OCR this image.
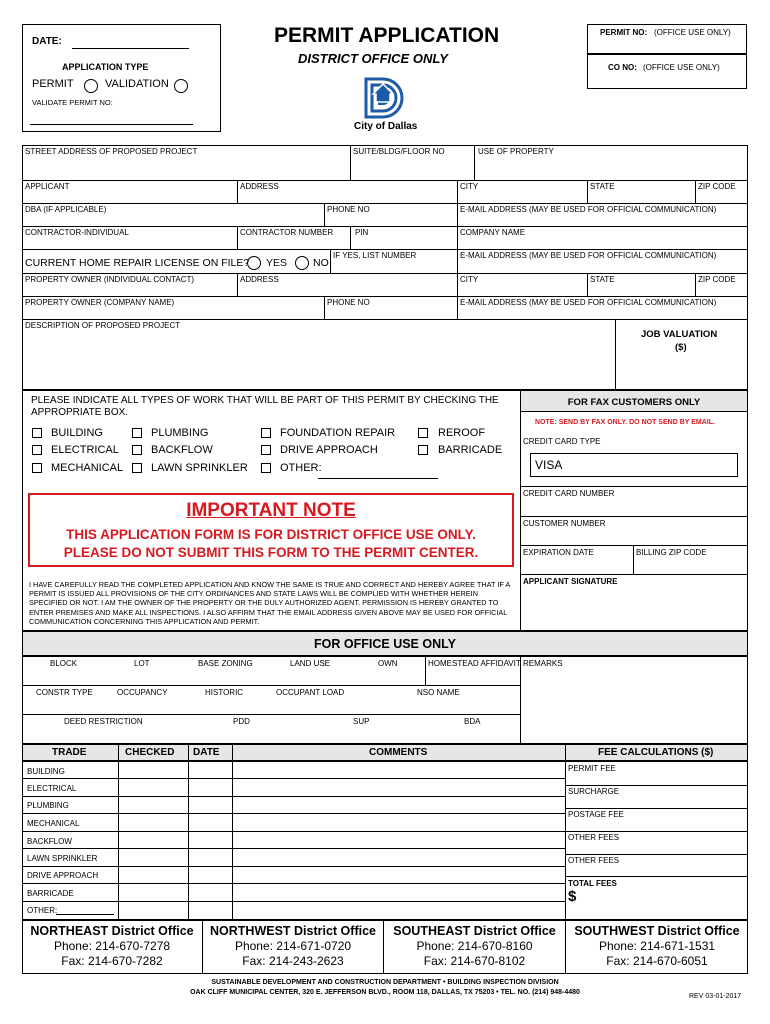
DATE:
APPLICATION TYPE
PERMIT	VALIDATION
VALIDATE PERMIT NO:
PERMIT APPLICATION
DISTRICT OFFICE ONLY
City of Dallas
PERMIT NO: (OFFICE USE ONLY)
CO NO: (OFFICE USE ONLY)
STREET ADDRESS OF PROPOSED PROJECT	SUITE/BLDG/FLOOR NO	USE OF PROPERTY
APPLICANT	ADDRESS	CITY	STATE	ZIP CODE
DBA (IF APPLICABLE)	PHONE NO	E-MAIL ADDRESS (MAY BE USED FOR OFFICIAL COMMUNICATION)
CONTRACTOR-INDIVIDUAL	CONTRACTOR NUMBER	PIN	COMPANY NAME
CURRENT HOME REPAIR LICENSE ON FILE? YES NO
IF YES, LIST NUMBER	E-MAIL ADDRESS (MAY BE USED FOR OFFICIAL COMMUNICATION)
PROPERTY OWNER (INDIVIDUAL CONTACT)	ADDRESS	CITY	STATE	ZIP CODE
PROPERTY OWNER (COMPANY NAME)	PHONE NO	E-MAIL ADDRESS (MAY BE USED FOR OFFICIAL COMMUNICATION)
DESCRIPTION OF PROPOSED PROJECT
JOB VALUATION
($)
PLEASE INDICATE ALL TYPES OF WORK THAT WILL BE PART OF THIS PERMIT BY CHECKING THE APPROPRIATE BOX.
BUILDING	PLUMBING	FOUNDATION REPAIR	REROOF
ELECTRICAL	BACKFLOW	DRIVE APPROACH	BARRICADE
MECHANICAL	LAWN SPRINKLER	OTHER:
IMPORTANT NOTE
THIS APPLICATION FORM IS FOR DISTRICT OFFICE USE ONLY.
PLEASE DO NOT SUBMIT THIS FORM TO THE PERMIT CENTER.
I HAVE CAREFULLY READ THE COMPLETED APPLICATION AND KNOW THE SAME IS TRUE AND CORRECT AND HEREBY AGREE THAT IF A PERMIT IS ISSUED ALL PROVISIONS OF THE CITY ORDINANCES AND STATE LAWS WILL BE COMPLIED WITH WHETHER HEREIN SPECIFIED OR NOT. I AM THE OWNER OF THE PROPERTY OR THE DULY AUTHORIZED AGENT. PERMISSION IS HEREBY GRANTED TO ENTER PREMISES AND MAKE ALL INSPECTIONS. I ALSO AFFIRM THAT THE EMAIL ADDRESS GIVEN ABOVE MAY BE USED FOR OFFICIAL COMMUNICATION CONCERNING THIS APPLICATION AND PERMIT.
FOR FAX CUSTOMERS ONLY
NOTE: SEND BY FAX ONLY. DO NOT SEND BY EMAIL.
CREDIT CARD TYPE
VISA
CREDIT CARD NUMBER
CUSTOMER NUMBER
EXPIRATION DATE	BILLING ZIP CODE
APPLICANT SIGNATURE
FOR OFFICE USE ONLY
BLOCK	LOT	BASE ZONING	LAND USE	OWN	HOMESTEAD AFFIDAVIT REMARKS
CONSTR TYPE	OCCUPANCY	HISTORIC	OCCUPANT LOAD	NSO NAME
DEED RESTRICTION	PDD	SUP	BDA
TRADE	CHECKED DATE	COMMENTS	FEE CALCULATIONS ($)
BUILDING
ELECTRICAL
PLUMBING
MECHANICAL
BACKFLOW
LAWN SPRINKLER
DRIVE APPROACH
BARRICADE
OTHER:
PERMIT FEE
SURCHARGE
POSTAGE FEE
OTHER FEES
OTHER FEES
TOTAL FEES
$
NORTHEAST District Office
Phone: 214-670-7278
Fax: 214-670-7282
NORTHWEST District Office
Phone: 214-671-0720
Fax: 214-243-2623
SOUTHEAST District Office
Phone: 214-670-8160
Fax: 214-670-8102
SOUTHWEST District Office
Phone: 214-671-1531
Fax: 214-670-6051
SUSTAINABLE DEVELOPMENT AND CONSTRUCTION DEPARTMENT • BUILDING INSPECTION DIVISION
OAK CLIFF MUNICIPAL CENTER, 320 E. JEFFERSON BLVD., ROOM 118, DALLAS, TX 75203 • TEL. NO. (214) 948-4480
REV 03-01-2017
